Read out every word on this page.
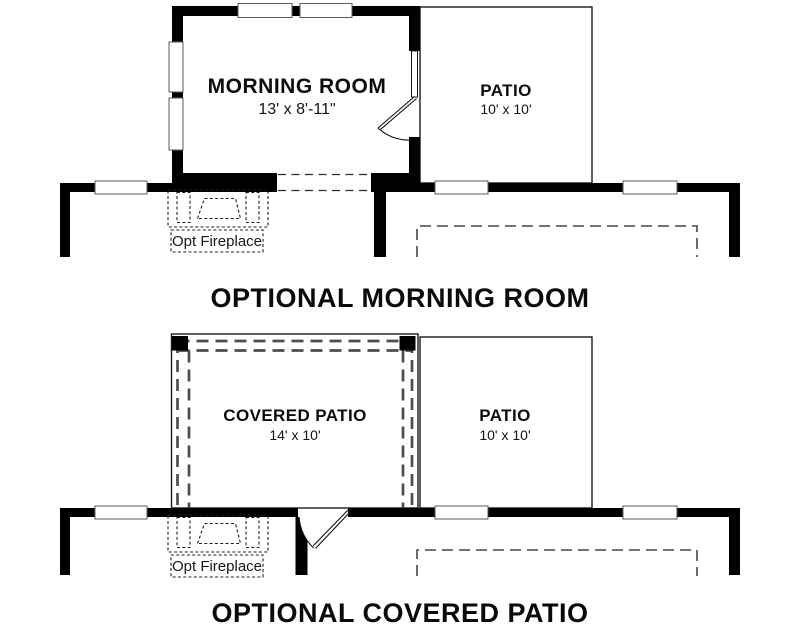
Opt Fireplace
MORNING ROOM
13' x 8'-11"
PATIO
10' x 10'
OPTIONAL MORNING ROOM
Opt Fireplace
COVERED PATIO
14' x 10'
PATIO
10' x 10'
OPTIONAL COVERED PATIO
